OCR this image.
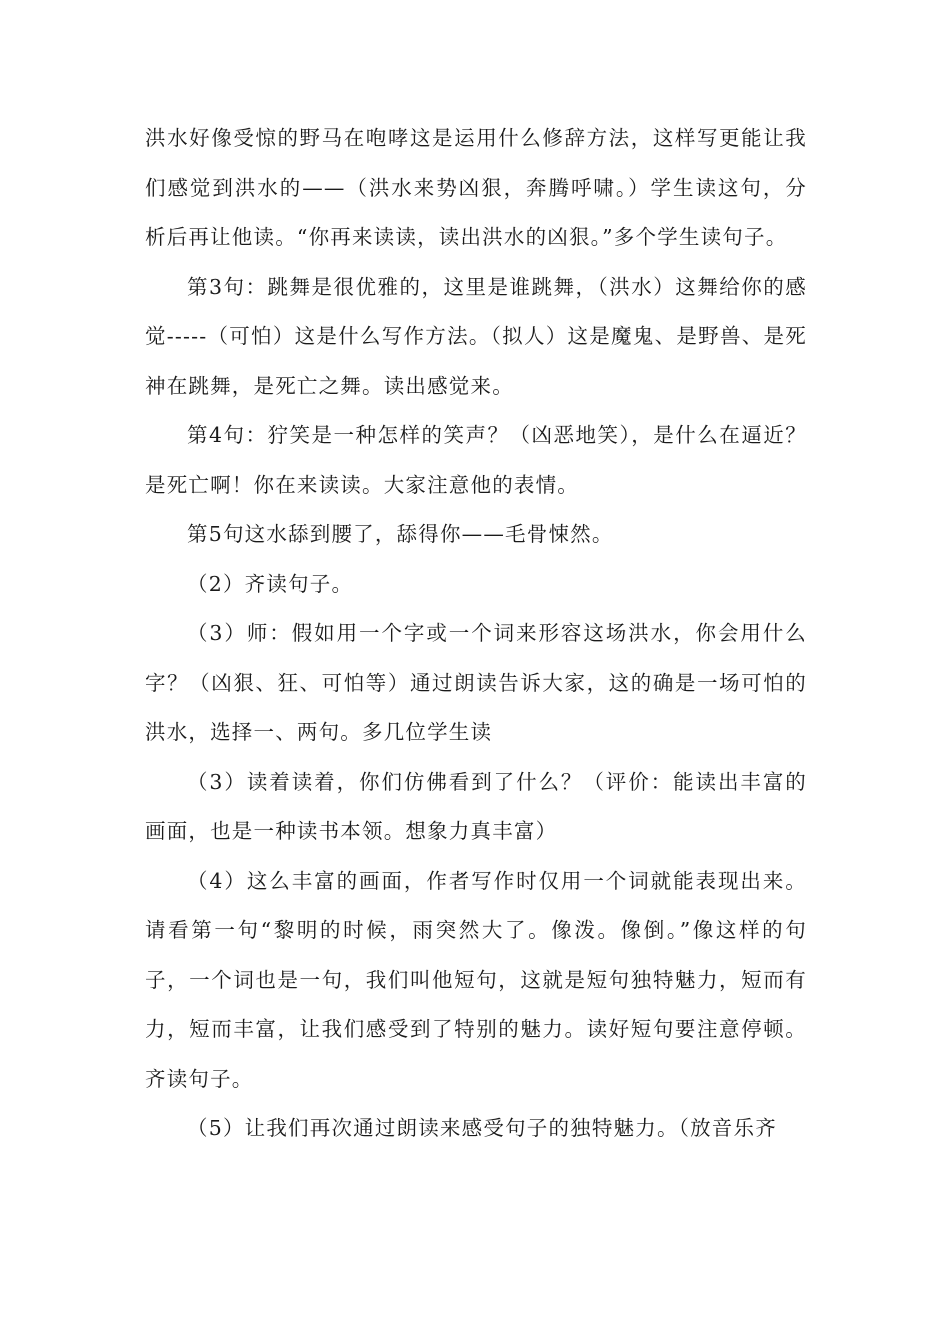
洪水好像受惊的野马在咆哮这是运用什么修辞方法，这样写更能让我们感觉到洪水的——（洪水来势凶狠，奔腾呼啸。）学生读这句，分析后再让他读。“你再来读读，读出洪水的凶狠。”多个学生读句子。

第3句：跳舞是很优雅的，这里是谁跳舞，（洪水）这舞给你的感觉-----（可怕）这是什么写作方法。（拟人）这是魔鬼、是野兽、是死神在跳舞，是死亡之舞。读出感觉来。

第4句：狞笑是一种怎样的笑声？（凶恶地笑），是什么在逼近？是死亡啊！你在来读读。大家注意他的表情。

第5句这水舔到腰了，舔得你——毛骨悚然。

（2）齐读句子。

（3）师：假如用一个字或一个词来形容这场洪水，你会用什么字？（凶狠、狂、可怕等）通过朗读告诉大家，这的确是一场可怕的洪水，选择一、两句。多几位学生读

（3）读着读着，你们仿佛看到了什么？（评价：能读出丰富的画面，也是一种读书本领。想象力真丰富）

（4）这么丰富的画面，作者写作时仅用一个词就能表现出来。请看第一句“黎明的时候，雨突然大了。像泼。像倒。”像这样的句子，一个词也是一句，我们叫他短句，这就是短句独特魅力，短而有力，短而丰富，让我们感受到了特别的魅力。读好短句要注意停顿。齐读句子。

（5）让我们再次通过朗读来感受句子的独特魅力。（放音乐齐
